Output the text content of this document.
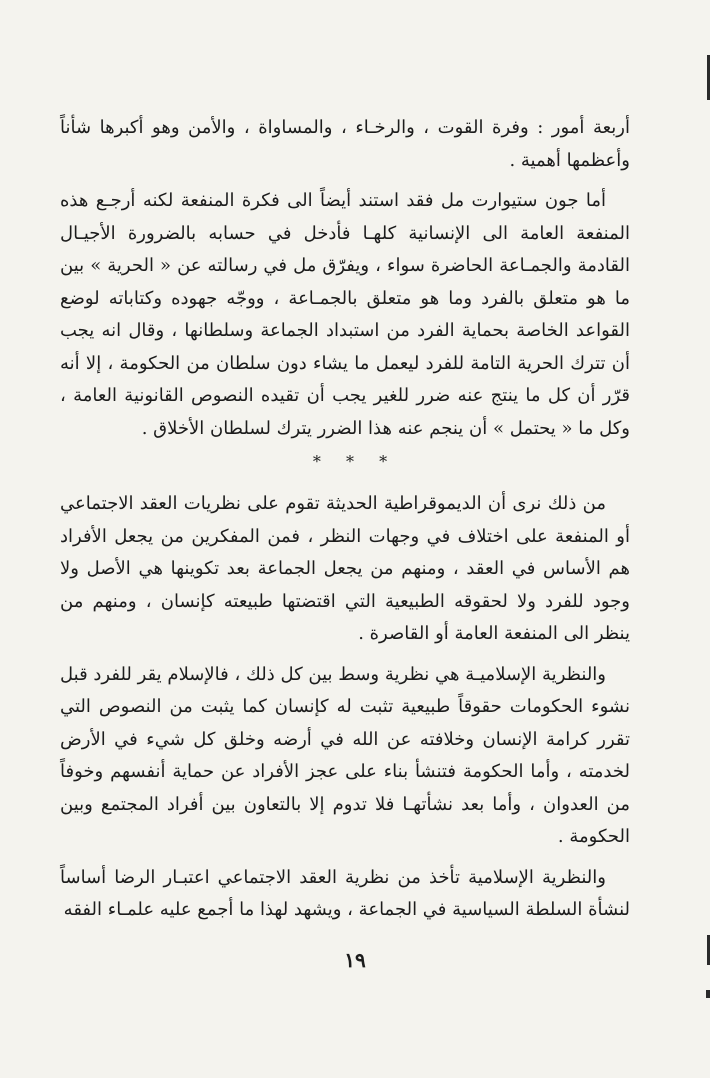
أربعة أمور : وفرة القوت ، والرخـاء ، والمساواة ، والأمن وهو أكبرها شأناً وأعظمها أهمية .

أما جون ستيوارت مل فقد استند أيضاً الى فكرة المنفعة لكنه أرجـع هذه المنفعة العامة الى الإنسانية كلهـا فأدخل في حسابه بالضرورة الأجيـال القادمة والجمـاعة الحاضرة سواء ، ويفرّق مل في رسالته عن « الحرية » بين ما هو متعلق بالفرد وما هو متعلق بالجمـاعة ، ووجّه جهوده وكتاباته لوضع القواعد الخاصة بحماية الفرد من استبداد الجماعة وسلطانها ، وقال انه يجب أن تترك الحرية التامة للفرد ليعمل ما يشاء دون سلطان من الحكومة ، إلا أنه قرّر أن كل ما ينتج عنه ضرر للغير يجب أن تقيده النصوص القانونية العامة ، وكل ما « يحتمل » أن ينجم عنه هذا الضرر يترك لسلطان الأخلاق .

* * *

من ذلك نرى أن الديموقراطية الحديثة تقوم على نظريات العقد الاجتماعي أو المنفعة على اختلاف في وجهات النظر ، فمن المفكرين من يجعل الأفراد هم الأساس في العقد ، ومنهم من يجعل الجماعة بعد تكوينها هي الأصل ولا وجود للفرد ولا لحقوقه الطبيعية التي اقتضتها طبيعته كإنسان ، ومنهم من ينظر الى المنفعة العامة أو القاصرة .

والنظرية الإسلاميـة هي نظرية وسط بين كل ذلك ، فالإسلام يقر للفرد قبل نشوء الحكومات حقوقاً طبيعية تثبت له كإنسان كما يثبت من النصوص التي تقرر كرامة الإنسان وخلافته عن الله في أرضه وخلق كل شيء في الأرض لخدمته ، وأما الحكومة فتنشأ بناء على عجز الأفراد عن حماية أنفسهم وخوفاً من العدوان ، وأما بعد نشأتهـا فلا تدوم إلا بالتعاون بين أفراد المجتمع وبين الحكومة .

والنظرية الإسلامية تأخذ من نظرية العقد الاجتماعي اعتبـار الرضا أساساً لنشأة السلطة السياسية في الجماعة ، ويشهد لهذا ما أجمع عليه علمـاء الفقه

١٩
